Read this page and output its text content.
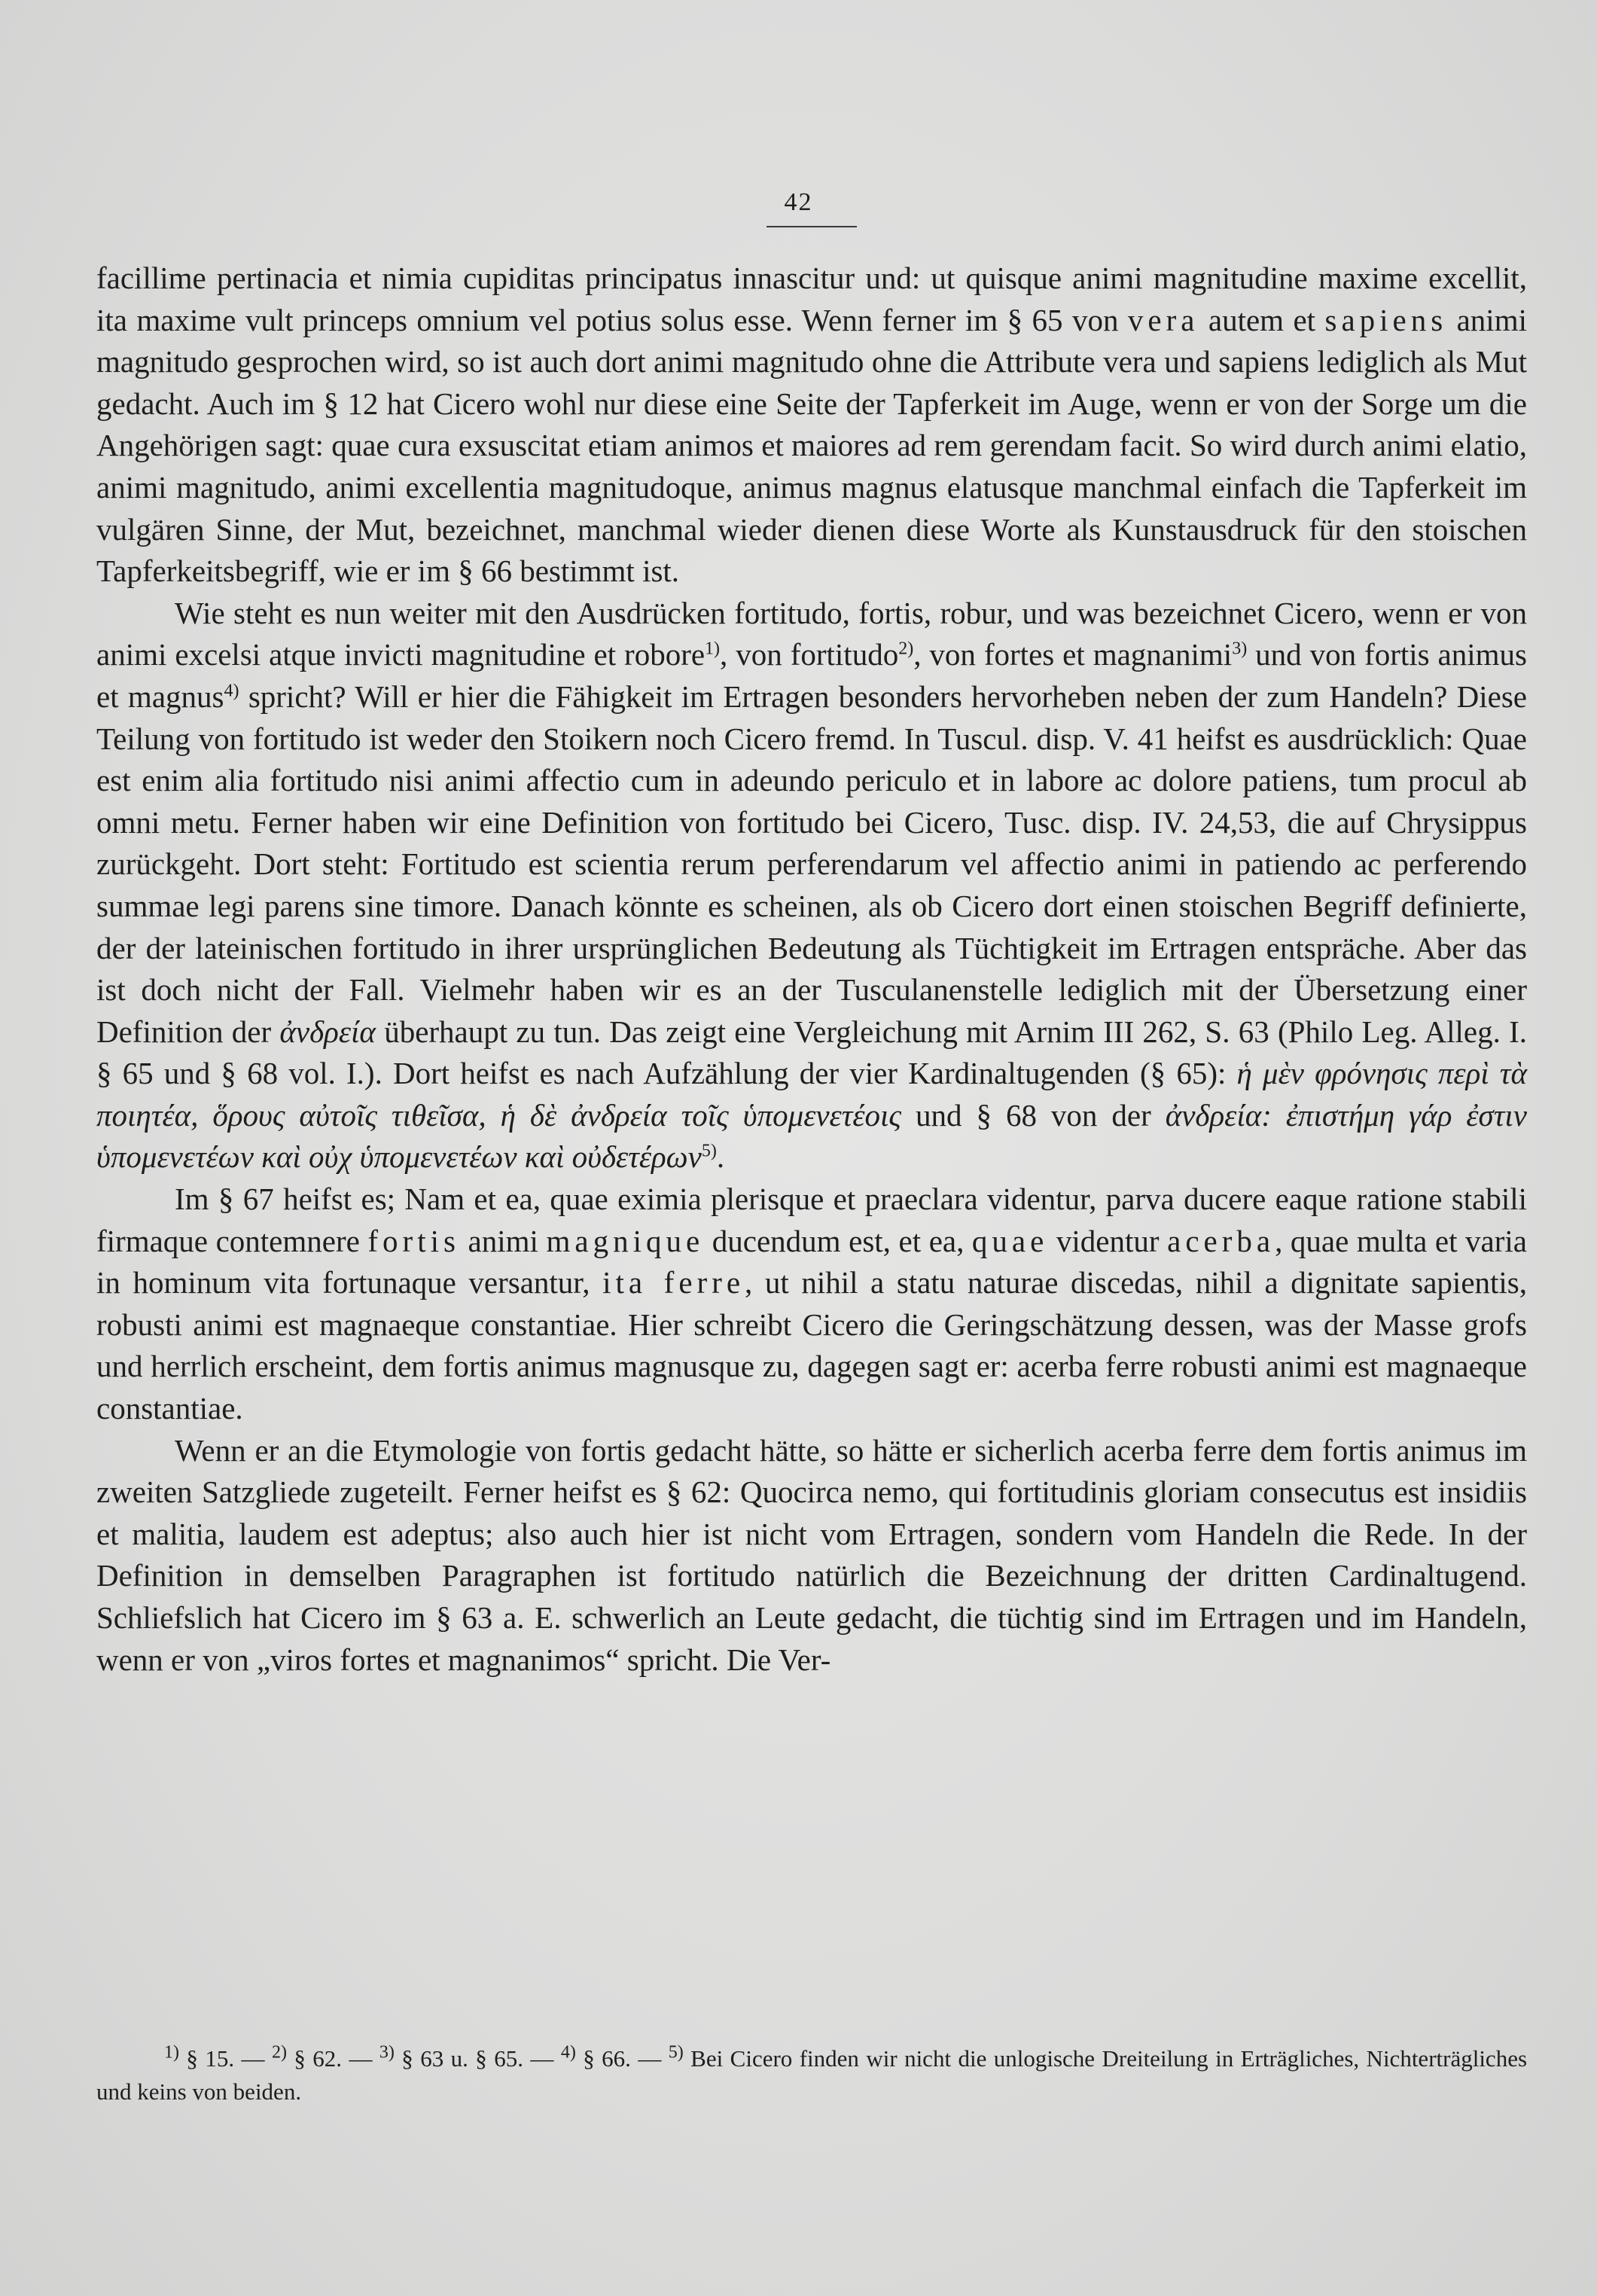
42

facillime pertinacia et nimia cupiditas principatus innascitur und: ut quisque animi magnitudine maxime excellit, ita maxime vult princeps omnium vel potius solus esse. Wenn ferner im § 65 von vera autem et sapiens animi magnitudo gesprochen wird, so ist auch dort animi magnitudo ohne die Attribute vera und sapiens lediglich als Mut gedacht. Auch im § 12 hat Cicero wohl nur diese eine Seite der Tapferkeit im Auge, wenn er von der Sorge um die Angehörigen sagt: quae cura exsuscitat etiam animos et maiores ad rem gerendam facit. So wird durch animi elatio, animi magnitudo, animi excellentia magnitudoque, animus magnus elatusque manchmal einfach die Tapferkeit im vulgären Sinne, der Mut, bezeichnet, manchmal wieder dienen diese Worte als Kunstausdruck für den stoischen Tapferkeitsbegriff, wie er im § 66 bestimmt ist.

Wie steht es nun weiter mit den Ausdrücken fortitudo, fortis, robur, und was bezeichnet Cicero, wenn er von animi excelsi atque invicti magnitudine et robore$^{1)}$, von fortitudo$^{2)}$, von fortes et magnanimi$^{3)}$ und von fortis animus et magnus$^{4)}$ spricht? Will er hier die Fähigkeit im Ertragen besonders hervorheben neben der zum Handeln? Diese Teilung von fortitudo ist weder den Stoikern noch Cicero fremd. In Tuscul. disp. V. 41 heifst es ausdrücklich: Quae est enim alia fortitudo nisi animi affectio cum in adeundo periculo et in labore ac dolore patiens, tum procul ab omni metu. Ferner haben wir eine Definition von fortitudo bei Cicero, Tusc. disp. IV. 24,53, die auf Chrysippus zurückgeht. Dort steht: Fortitudo est scientia rerum perferendarum vel affectio animi in patiendo ac perferendo summae legi parens sine timore. Danach könnte es scheinen, als ob Cicero dort einen stoischen Begriff definierte, der der lateinischen fortitudo in ihrer ursprünglichen Bedeutung als Tüchtigkeit im Ertragen entspräche. Aber das ist doch nicht der Fall. Vielmehr haben wir es an der Tusculanenstelle lediglich mit der Übersetzung einer Definition der ἀνδρεία überhaupt zu tun. Das zeigt eine Vergleichung mit Arnim III 262, S. 63 (Philo Leg. Alleg. I. § 65 und § 68 vol. I.). Dort heifst es nach Aufzählung der vier Kardinaltugenden (§ 65): ἡ μὲν φρόνησις περὶ τὰ ποιητέα, ὅρους αὐτοῖς τιθεῖσα, ἡ δὲ ἀνδρεία τοῖς ὑπομενετέοις und § 68 von der ἀνδρεία: ἐπιστήμη γάρ ἐστιν ὑπομενετέων καὶ οὐχ ὑπομενετέων καὶ οὐδετέρων$^{5)}$.

Im § 67 heifst es; Nam et ea, quae eximia plerisque et praeclara videntur, parva ducere eaque ratione stabili firmaque contemnere fortis animi magnique ducendum est, et ea, quae videntur acerba, quae multa et varia in hominum vita fortunaque versantur, ita ferre, ut nihil a statu naturae discedas, nihil a dignitate sapientis, robusti animi est magnaeque constantiae. Hier schreibt Cicero die Geringschätzung dessen, was der Masse grofs und herrlich erscheint, dem fortis animus magnusque zu, dagegen sagt er: acerba ferre robusti animi est magnaeque constantiae.

Wenn er an die Etymologie von fortis gedacht hätte, so hätte er sicherlich acerba ferre dem fortis animus im zweiten Satzgliede zugeteilt. Ferner heifst es § 62: Quocirca nemo, qui fortitudinis gloriam consecutus est insidiis et malitia, laudem est adeptus; also auch hier ist nicht vom Ertragen, sondern vom Handeln die Rede. In der Definition in demselben Paragraphen ist fortitudo natürlich die Bezeichnung der dritten Cardinaltugend. Schliefslich hat Cicero im § 63 a. E. schwerlich an Leute gedacht, die tüchtig sind im Ertragen und im Handeln, wenn er von „viros fortes et magnanimos“ spricht. Die Ver-

$^{1)}$ § 15. — $^{2)}$ § 62. — $^{3)}$ § 63 u. § 65. — $^{4)}$ § 66. — $^{5)}$ Bei Cicero finden wir nicht die unlogische Dreiteilung in Erträgliches, Nichterträgliches und keins von beiden.
